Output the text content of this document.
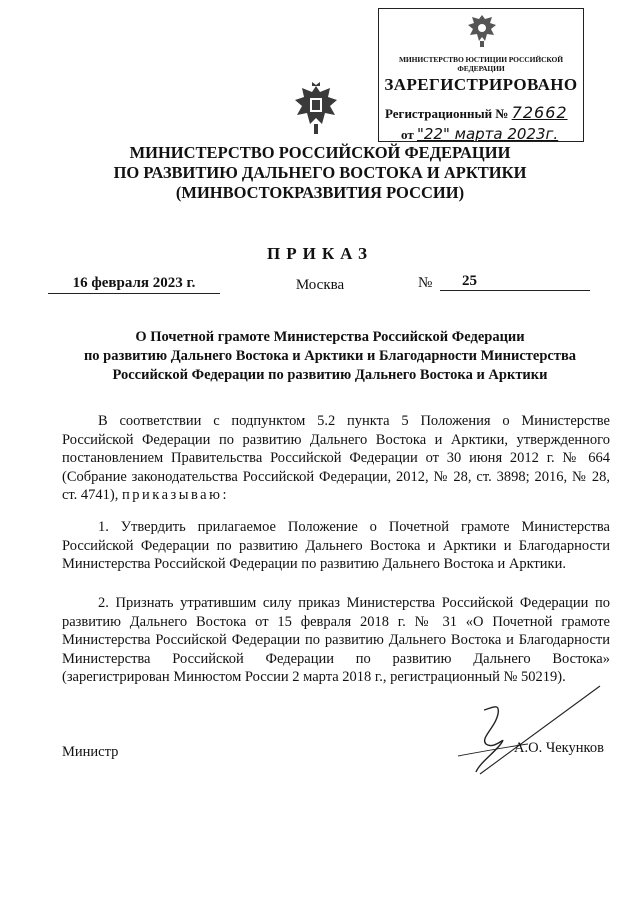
МИНИСТЕРСТВО ЮСТИЦИИ РОССИЙСКОЙ ФЕДЕРАЦИИ
ЗАРЕГИСТРИРОВАНО
Регистрационный № 72662
от "22" марта 2023г.
МИНИСТЕРСТВО РОССИЙСКОЙ ФЕДЕРАЦИИ
ПО РАЗВИТИЮ ДАЛЬНЕГО ВОСТОКА И АРКТИКИ
(МИНВОСТОКРАЗВИТИЯ РОССИИ)
ПРИКАЗ
16 февраля 2023 г.	Москва	№	25
О Почетной грамоте Министерства Российской Федерации
по развитию Дальнего Востока и Арктики и Благодарности Министерства
Российской Федерации по развитию Дальнего Востока и Арктики
В соответствии с подпунктом 5.2 пункта 5 Положения о Министерстве Российской Федерации по развитию Дальнего Востока и Арктики, утвержденного постановлением Правительства Российской Федерации от 30 июня 2012 г. № 664 (Собрание законодательства Российской Федерации, 2012, № 28, ст. 3898; 2016, № 28, ст. 4741), приказываю:
1. Утвердить прилагаемое Положение о Почетной грамоте Министерства Российской Федерации по развитию Дальнего Востока и Арктики и Благодарности Министерства Российской Федерации по развитию Дальнего Востока и Арктики.
2. Признать утратившим силу приказ Министерства Российской Федерации по развитию Дальнего Востока от 15 февраля 2018 г. № 31 «О Почетной грамоте Министерства Российской Федерации по развитию Дальнего Востока и Благодарности Министерства Российской Федерации по развитию Дальнего Востока» (зарегистрирован Минюстом России 2 марта 2018 г., регистрационный № 50219).
Министр	А.О. Чекунков
